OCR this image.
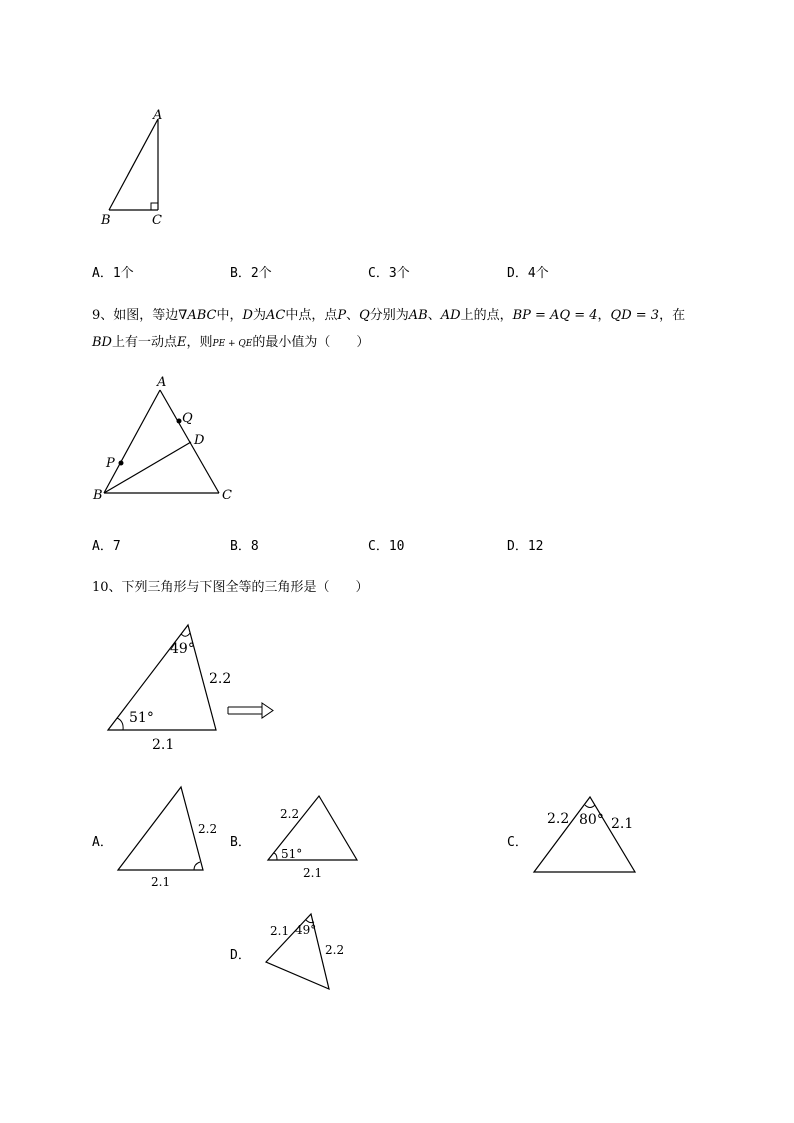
A
B	C
A．1个	B．2个	C．3个	D．4个
9、如图，等边∇ABC中，D为AC中点，点P、Q分别为AB、AD上的点，BP = AQ = 4，QD = 3，在
BD上有一动点E，则PE + QE的最小值为（　　）
A
B	C
D
P
Q
A．7	B．8	C．10	D．12
10、下列三角形与下图全等的三角形是（　　）
49°
51°
2.2
2.1
A．
2.2
2.1
B．
2.2
51°
2.1
C．
2.2 80° 2.1
D．
2.1 49°
2.2
